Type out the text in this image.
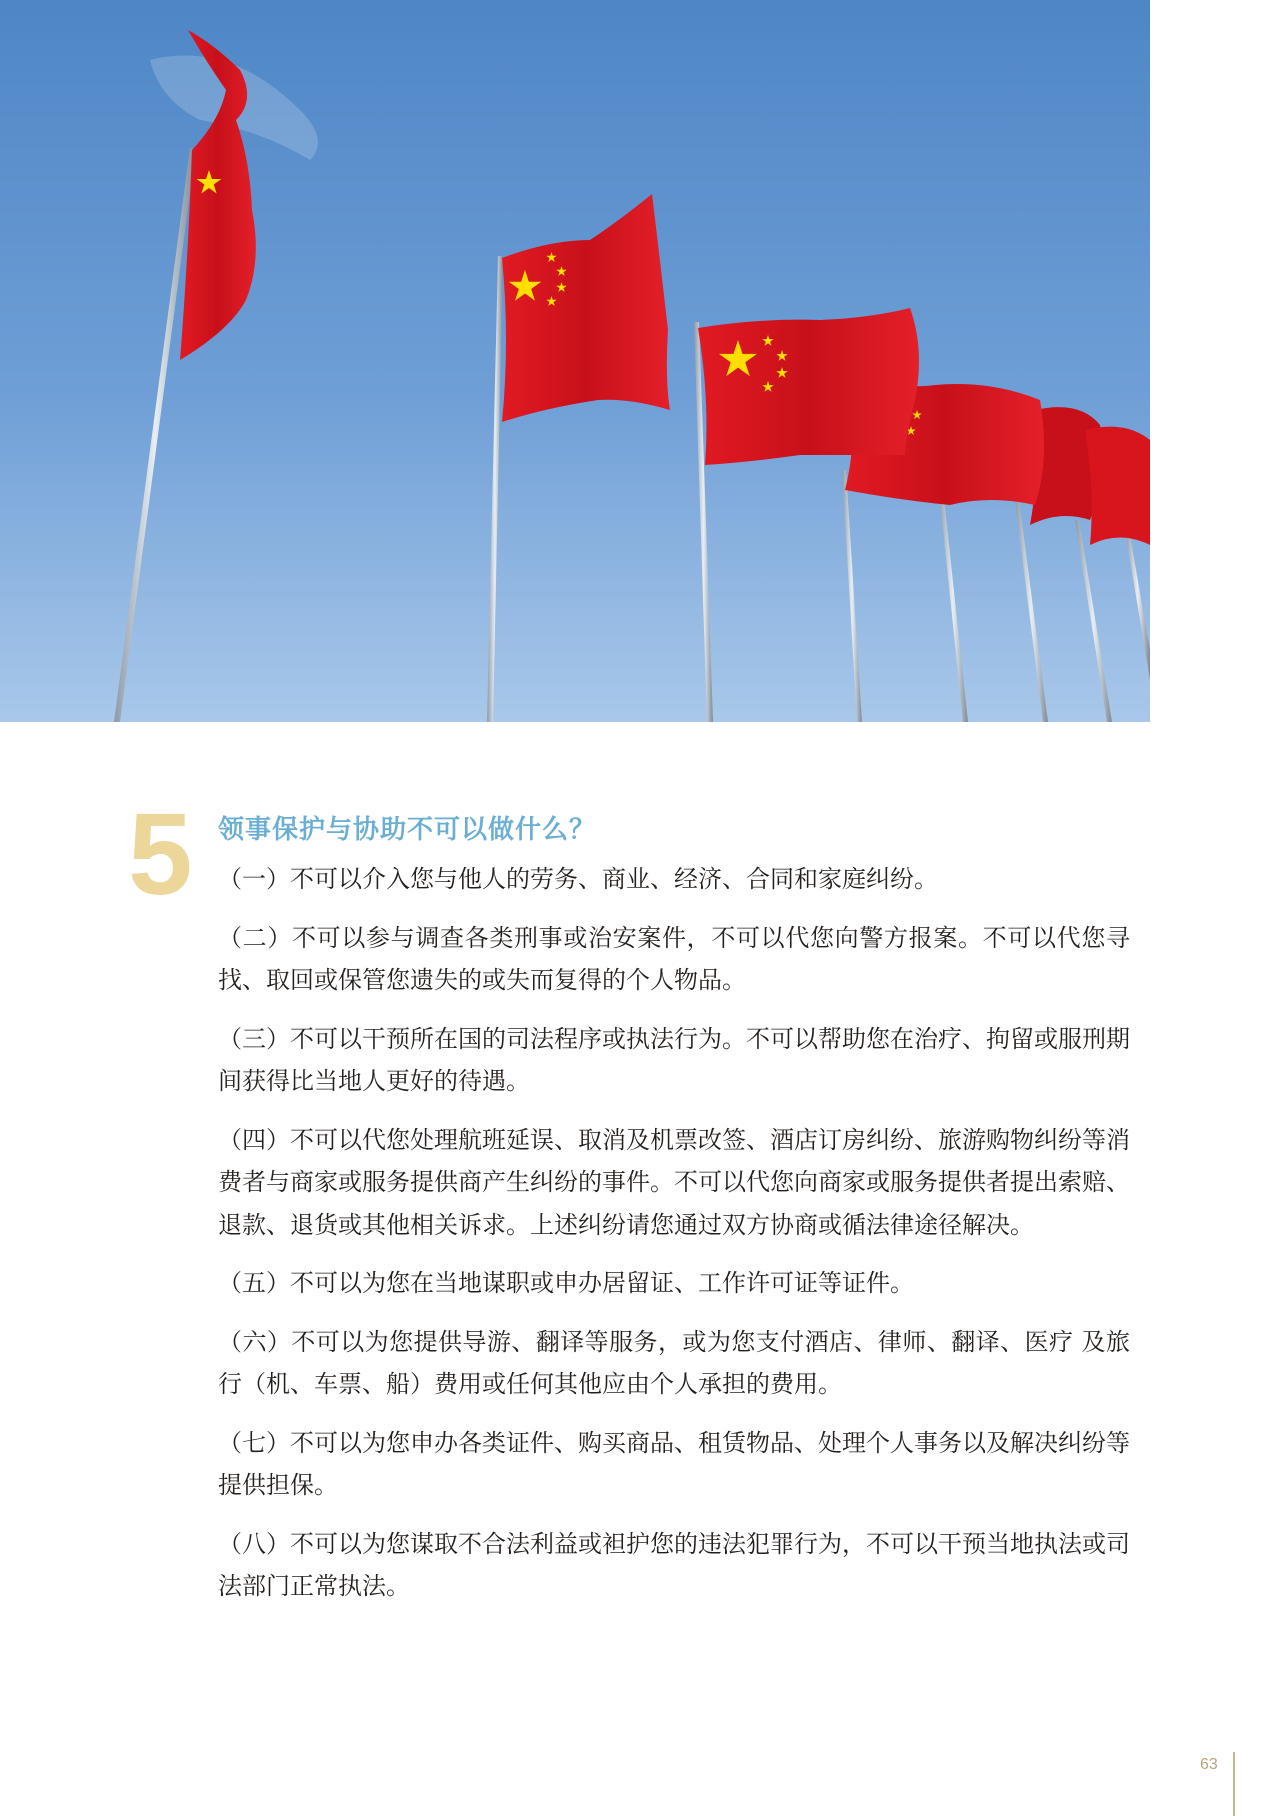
5 领事保护与协助不可以做什么？

（一）不可以介入您与他人的劳务、商业、经济、合同和家庭纠纷。

（二）不可以参与调查各类刑事或治安案件，不可以代您向警方报案。不可以代您寻找、取回或保管您遗失的或失而复得的个人物品。

（三）不可以干预所在国的司法程序或执法行为。不可以帮助您在治疗、拘留或服刑期间获得比当地人更好的待遇。

（四）不可以代您处理航班延误、取消及机票改签、酒店订房纠纷、旅游购物纠纷等消费者与商家或服务提供商产生纠纷的事件。不可以代您向商家或服务提供者提出索赔、退款、退货或其他相关诉求。上述纠纷请您通过双方协商或循法律途径解决。

（五）不可以为您在当地谋职或申办居留证、工作许可证等证件。

（六）不可以为您提供导游、翻译等服务，或为您支付酒店、律师、翻译、医疗 及旅行（机、车票、船）费用或任何其他应由个人承担的费用。

（七）不可以为您申办各类证件、购买商品、租赁物品、处理个人事务以及解决纠纷等提供担保。

（八）不可以为您谋取不合法利益或袒护您的违法犯罪行为，不可以干预当地执法或司法部门正常执法。

63
